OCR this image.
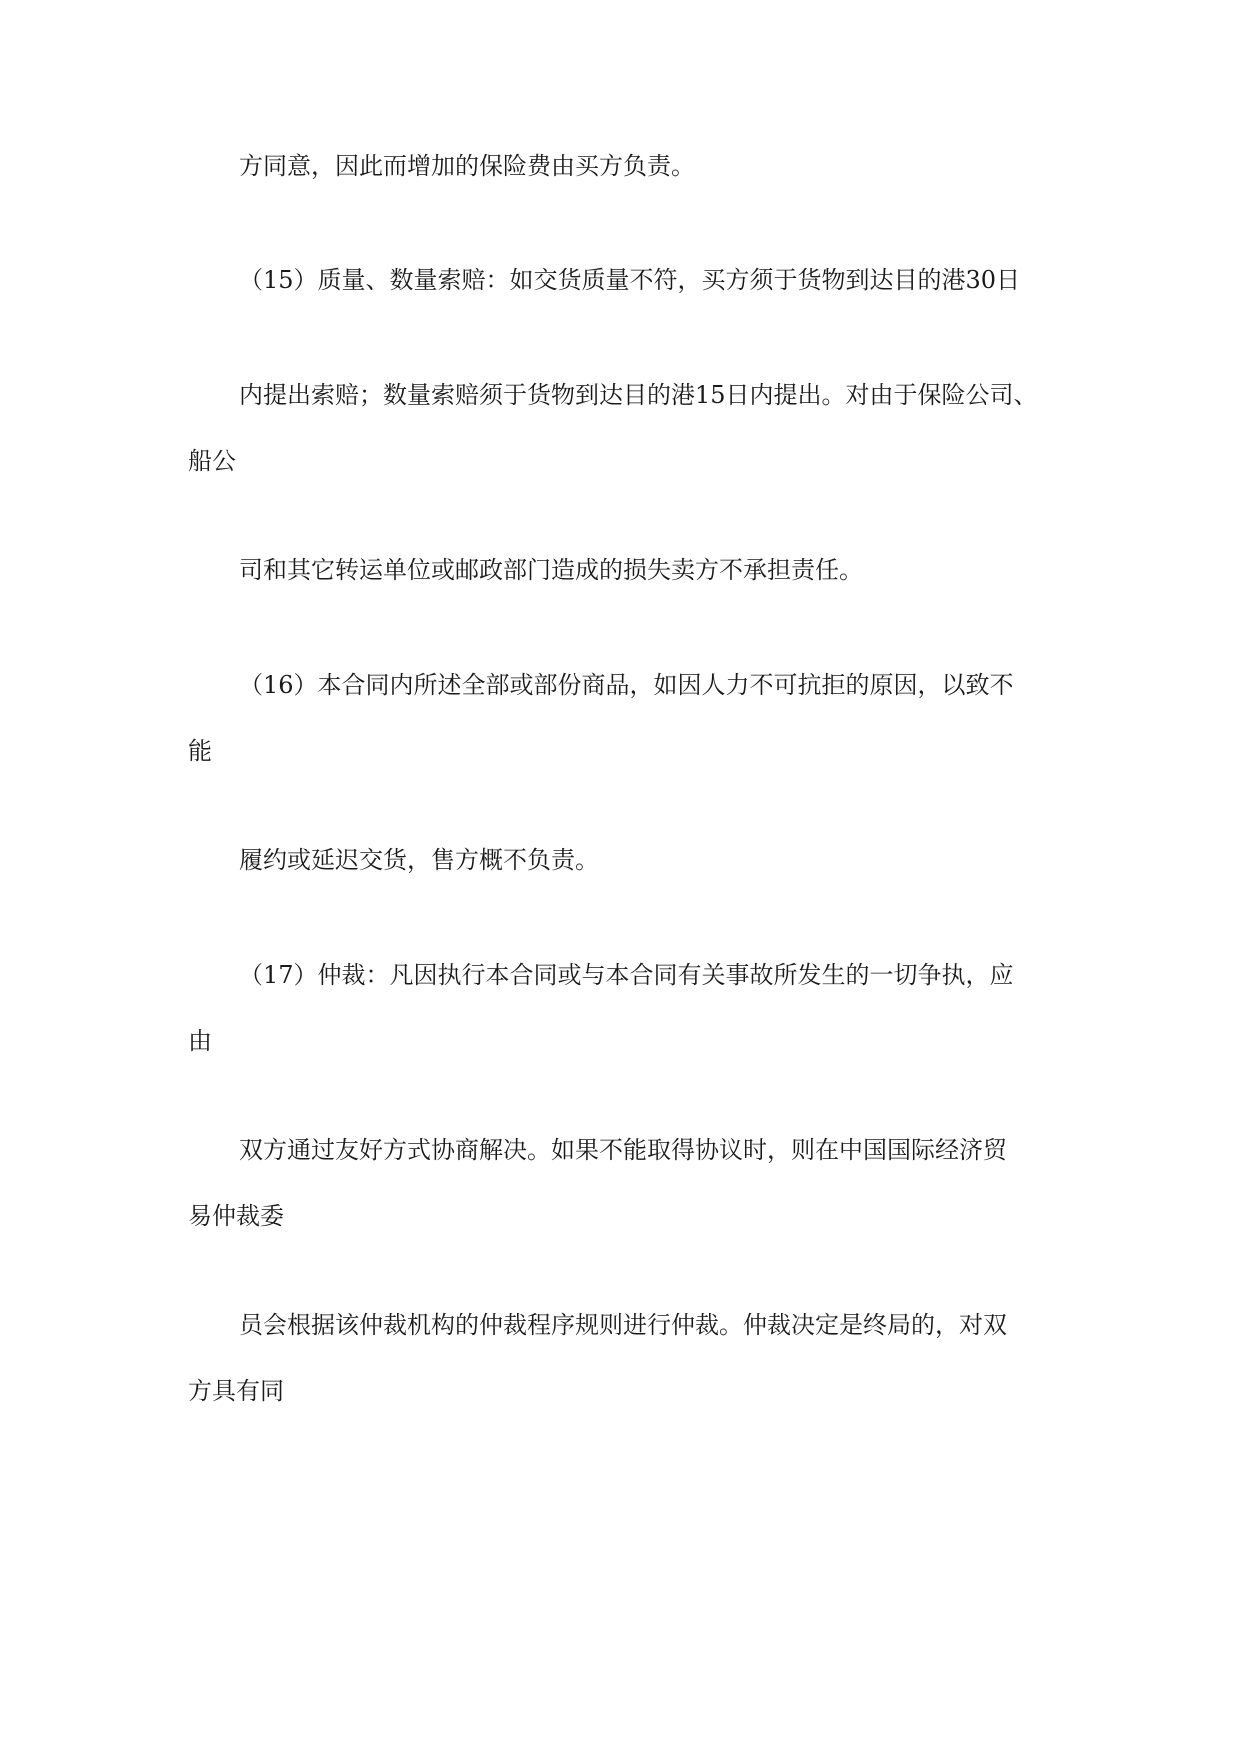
方同意，因此而增加的保险费由买方负责。

（15）质量、数量索赔：如交货质量不符，买方须于货物到达目的港30日

内提出索赔；数量索赔须于货物到达目的港15日内提出。对由于保险公司、
船公

司和其它转运单位或邮政部门造成的损失卖方不承担责任。

（16）本合同内所述全部或部份商品，如因人力不可抗拒的原因，以致不
能

履约或延迟交货，售方概不负责。

（17）仲裁：凡因执行本合同或与本合同有关事故所发生的一切争执，应
由

双方通过友好方式协商解决。如果不能取得协议时，则在中国国际经济贸
易仲裁委

员会根据该仲裁机构的仲裁程序规则进行仲裁。仲裁决定是终局的，对双
方具有同
